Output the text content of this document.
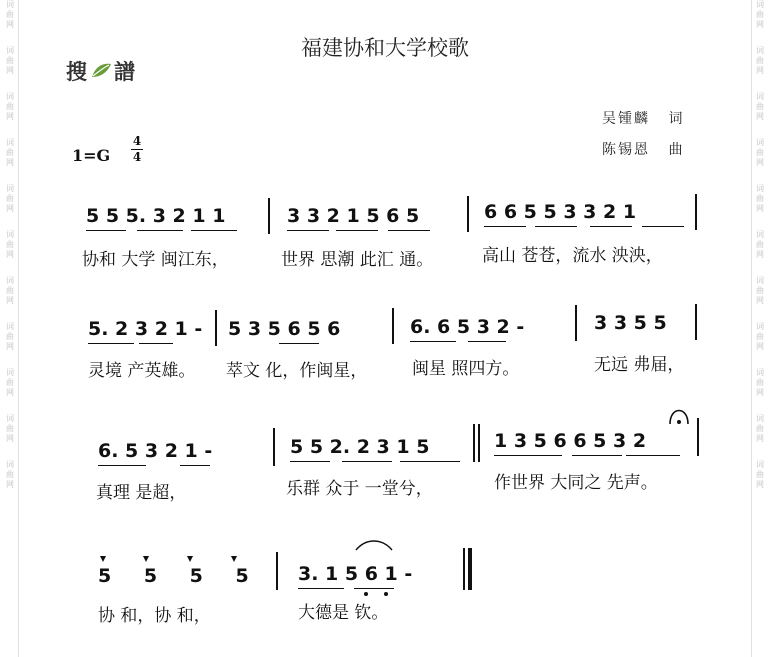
词
曲
网
词
曲
网
词
曲
网
词
曲
网
词
曲
网
词
曲
网
词
曲
网
词
曲
网
词
曲
网
词
曲
网
词
曲
网
词
曲
网
词
曲
网
词
曲
网
词
曲
网
词
曲
网
词
曲
网
词
曲
网
词
曲
网
词
曲
网
词
曲
网
词
曲
网
福建协和大学校歌
搜 譜
吴锺麟 词
陈锡恩 曲
1=G
4
4
5 5 5. 3 2 1 1	3 3 2 1 5 6 5	6 6 5 5 3 3 2 1
协和 大学 闽江东，	世界 思潮 此汇 通。	高山 苍苍，流水 泱泱，
5. 2 3 2 1 - 5 3 5 6 5 6	6. 6 5 3 2 -	3 3 5 5
灵境 产英雄。 萃文 化，作闽星，	闽星 照四方。	无远 弗届，
6. 5 3 2 1 -	5 5 2. 2 3 1 5	1 3 5 6 6 5 3 2
真理 是超，	乐群 众于 一堂兮，	作世界 大同之 先声。
5 5 5 5	3. 1 5 6 1 -
协 和，协 和，	大德是 钦。
